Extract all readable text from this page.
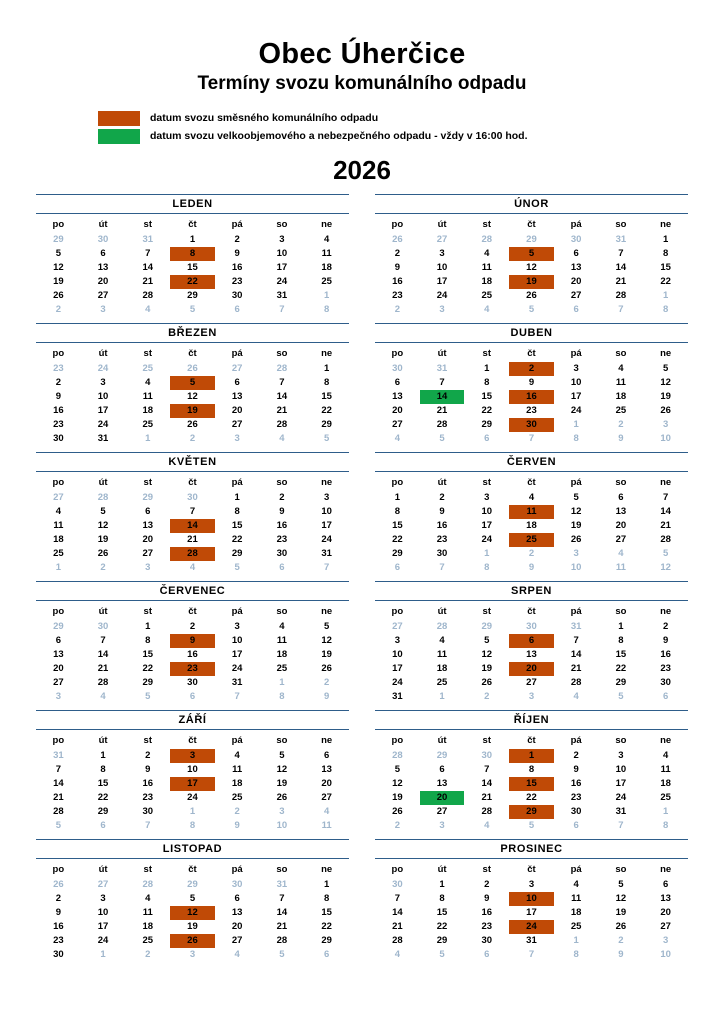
Obec Úherčice
Termíny svozu komunálního odpadu
datum svozu směsného komunálního odpadu
datum svozu velkoobjemového a nebezpečného odpadu - vždy v 16:00 hod.
2026
LEDEN
po	út	st	čt	pá	so	ne

29	30	31	1	2	3	4

5	6	7	8	9	10	11

12	13	14	15	16	17	18

19	20	21	22	23	24	25

26	27	28	29	30	31	1

2	3	4	5	6	7	8
ÚNOR
po	út	st	čt	pá	so	ne

26	27	28	29	30	31	1

2	3	4	5	6	7	8

9	10	11	12	13	14	15

16	17	18	19	20	21	22

23	24	25	26	27	28	1

2	3	4	5	6	7	8
BŘEZEN
po	út	st	čt	pá	so	ne

23	24	25	26	27	28	1

2	3	4	5	6	7	8

9	10	11	12	13	14	15

16	17	18	19	20	21	22

23	24	25	26	27	28	29

30	31	1	2	3	4	5
DUBEN
po	út	st	čt	pá	so	ne

30	31	1	2	3	4	5

6	7	8	9	10	11	12

13	14	15	16	17	18	19

20	21	22	23	24	25	26

27	28	29	30	1	2	3

4	5	6	7	8	9	10
KVĚTEN
po	út	st	čt	pá	so	ne

27	28	29	30	1	2	3

4	5	6	7	8	9	10

11	12	13	14	15	16	17

18	19	20	21	22	23	24

25	26	27	28	29	30	31

1	2	3	4	5	6	7
ČERVEN
po	út	st	čt	pá	so	ne

1	2	3	4	5	6	7

8	9	10	11	12	13	14

15	16	17	18	19	20	21

22	23	24	25	26	27	28

29	30	1	2	3	4	5

6	7	8	9	10	11	12
ČERVENEC
po	út	st	čt	pá	so	ne

29	30	1	2	3	4	5

6	7	8	9	10	11	12

13	14	15	16	17	18	19

20	21	22	23	24	25	26

27	28	29	30	31	1	2

3	4	5	6	7	8	9
SRPEN
po	út	st	čt	pá	so	ne

27	28	29	30	31	1	2

3	4	5	6	7	8	9

10	11	12	13	14	15	16

17	18	19	20	21	22	23

24	25	26	27	28	29	30

31	1	2	3	4	5	6
ZÁŘÍ
po	út	st	čt	pá	so	ne

31	1	2	3	4	5	6

7	8	9	10	11	12	13

14	15	16	17	18	19	20

21	22	23	24	25	26	27

28	29	30	1	2	3	4

5	6	7	8	9	10	11
ŘÍJEN
po	út	st	čt	pá	so	ne

28	29	30	1	2	3	4

5	6	7	8	9	10	11

12	13	14	15	16	17	18

19	20	21	22	23	24	25

26	27	28	29	30	31	1

2	3	4	5	6	7	8
LISTOPAD
po	út	st	čt	pá	so	ne

26	27	28	29	30	31	1

2	3	4	5	6	7	8

9	10	11	12	13	14	15

16	17	18	19	20	21	22

23	24	25	26	27	28	29

30	1	2	3	4	5	6
PROSINEC
po	út	st	čt	pá	so	ne

30	1	2	3	4	5	6

7	8	9	10	11	12	13

14	15	16	17	18	19	20

21	22	23	24	25	26	27

28	29	30	31	1	2	3

4	5	6	7	8	9	10
